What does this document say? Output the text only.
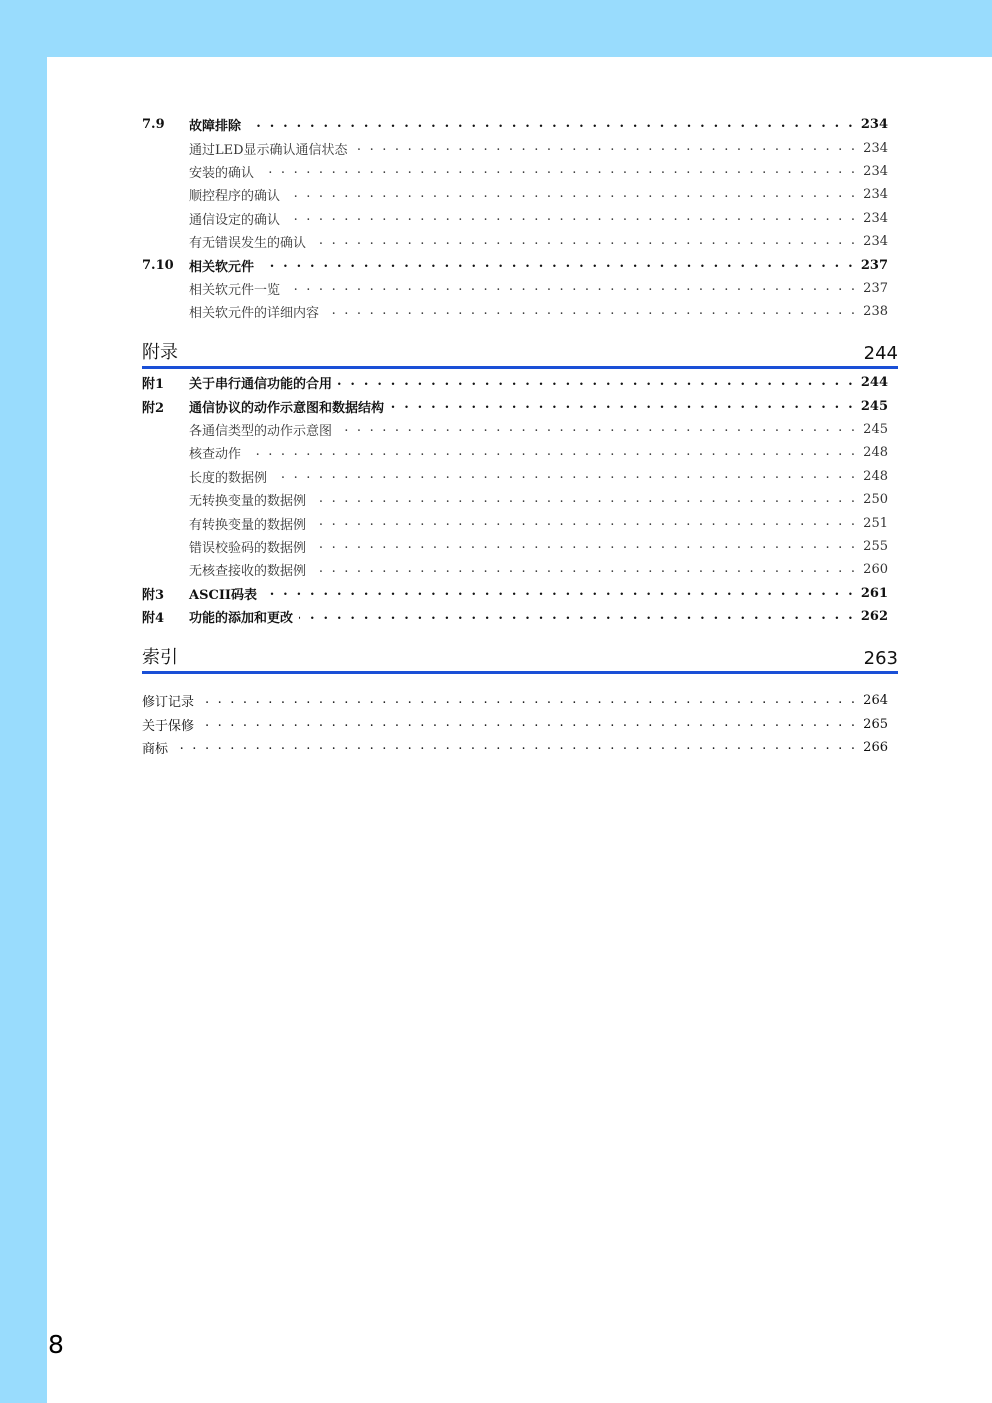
7.9	故障排除 . . .	234
通过LED显示确认通信状态 . . .	234
安装的确认 . . .	234
顺控程序的确认 . . .	234
通信设定的确认 . . .	234
有无错误发生的确认 . . .	234
7.10	相关软元件 . . .	237
相关软元件一览 . . .	237
相关软元件的详细内容 . . .	238
附录	244
附1	关于串行通信功能的合用 . . .	244
附2	通信协议的动作示意图和数据结构 . . .	245
各通信类型的动作示意图 . . .	245
核查动作 . . .	248
长度的数据例 . . .	248
无转换变量的数据例 . . .	250
有转换变量的数据例 . . .	251
错误校验码的数据例 . . .	255
无核查接收的数据例 . . .	260
附3	ASCII码表 . . .	261
附4	功能的添加和更改 . . .	262
索引	263
修订记录 . . .	264
关于保修 . . .	265
商标 . . .	266
8
